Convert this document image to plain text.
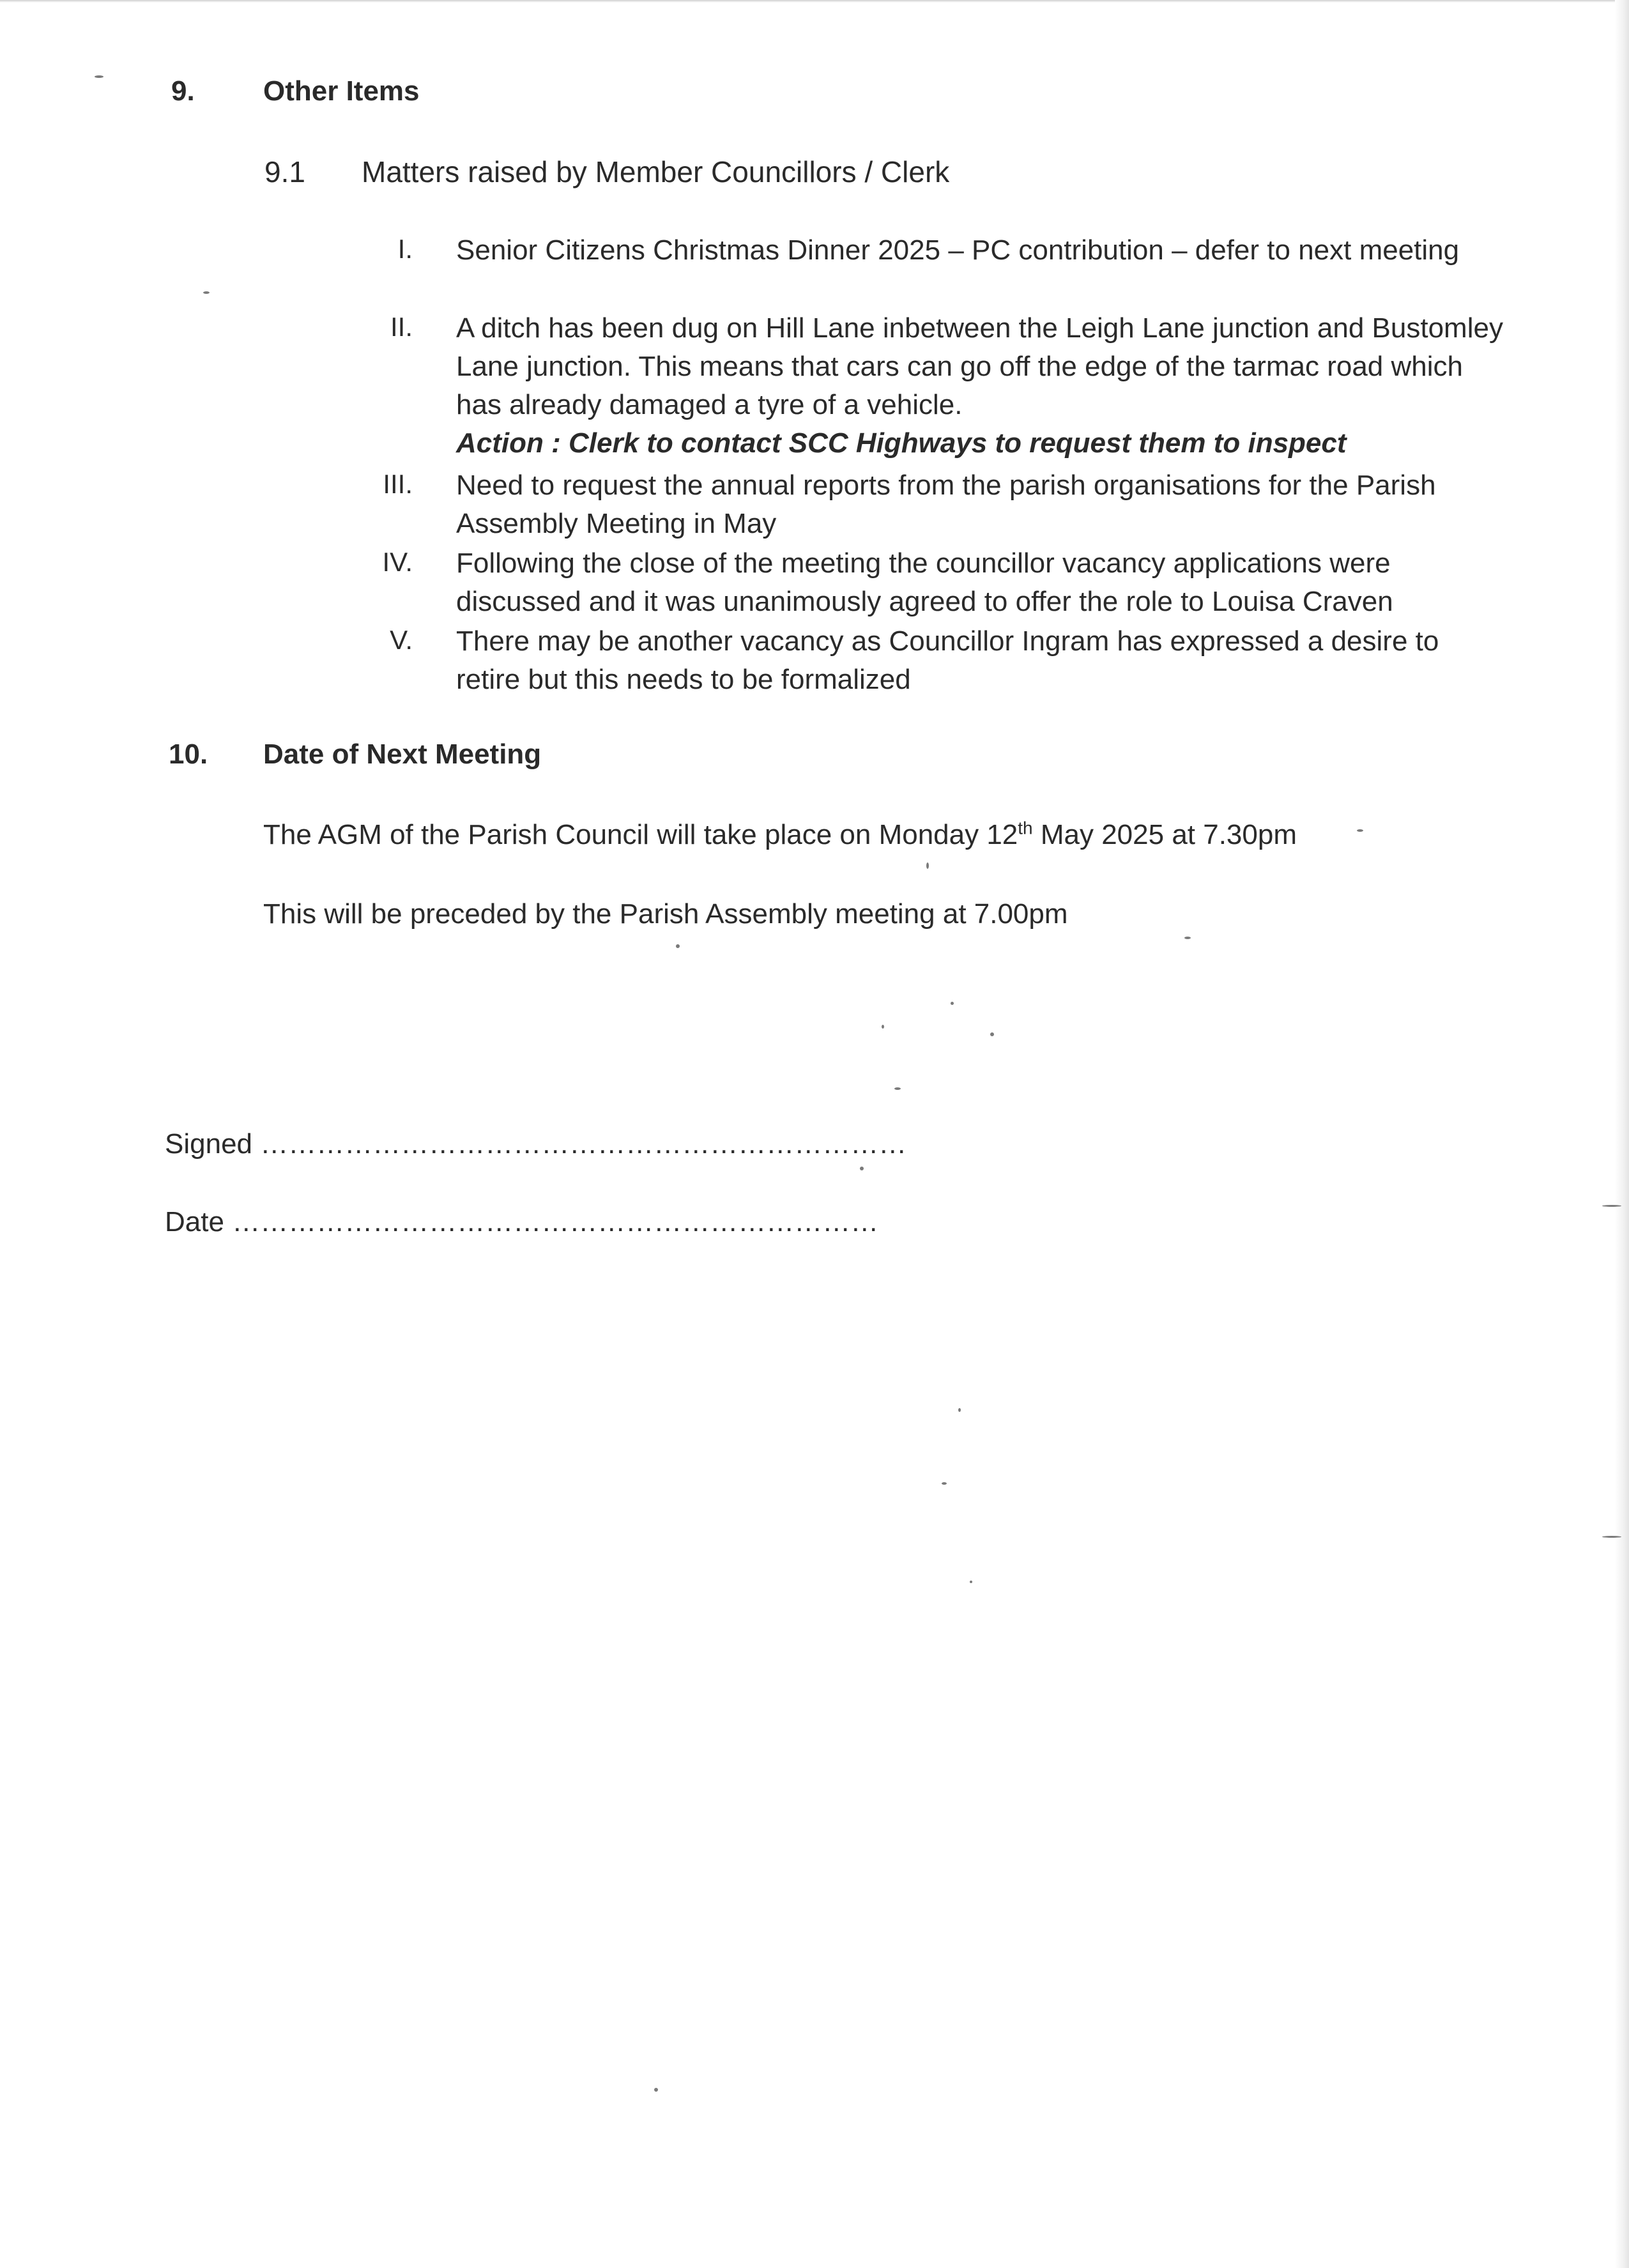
9. Other Items
9.1 Matters raised by Member Councillors / Clerk
I. Senior Citizens Christmas Dinner 2025 – PC contribution – defer to next meeting
II. A ditch has been dug on Hill Lane inbetween the Leigh Lane junction and Bustomley Lane junction. This means that cars can go off the edge of the tarmac road which has already damaged a tyre of a vehicle.
Action : Clerk to contact SCC Highways to request them to inspect
III. Need to request the annual reports from the parish organisations for the Parish Assembly Meeting in May
IV. Following the close of the meeting the councillor vacancy applications were discussed and it was unanimously agreed to offer the role to Louisa Craven
V. There may be another vacancy as Councillor Ingram has expressed a desire to retire but this needs to be formalized
10. Date of Next Meeting
The AGM of the Parish Council will take place on Monday 12th May 2025 at 7.30pm
This will be preceded by the Parish Assembly meeting at 7.00pm
Signed ……………………………………………………………
Date ……………………………………………………………
